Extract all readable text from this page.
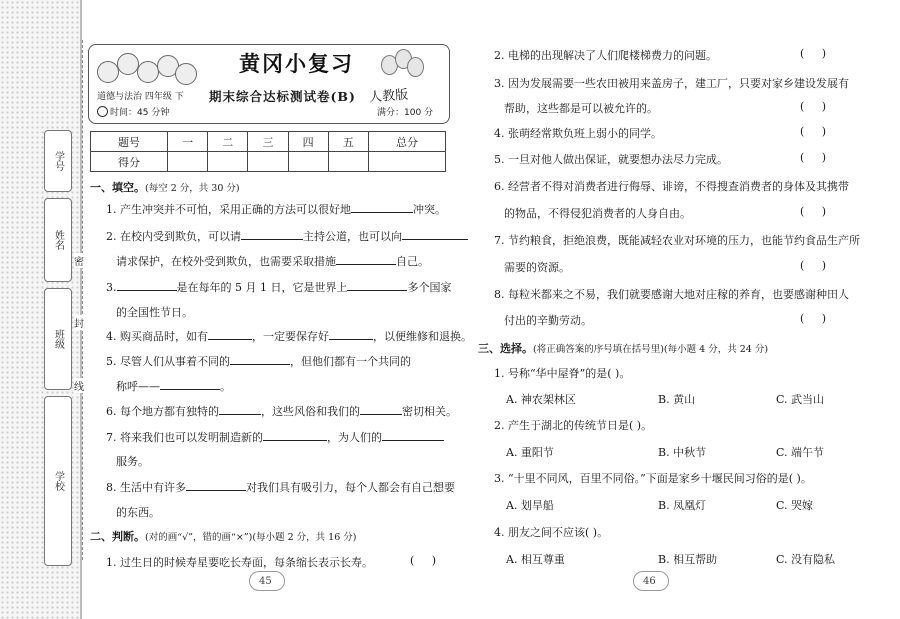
学号
姓名
班级
学校
密
封
线
黄冈小复习
人教版
道德与法治 四年级 下 期末综合达标测试卷(B)
时间：45 分钟	满分：100 分
题号	一	二	三	四	五	总分
得分						
一、填空。(每空 2 分，共 30 分)
1. 产生冲突并不可怕，采用正确的方法可以很好地	冲突。
2. 在校内受到欺负，可以请	主持公道，也可以向
请求保护，在校外受到欺负，也需要采取措施	自己。
3.	是在每年的 5 月 1 日，它是世界上	多个国家
的全国性节日。
4. 购买商品时，如有	，一定要保存好	，以便维修和退换。
5. 尽管人们从事着不同的	，但他们都有一个共同的
称呼——	。
6. 每个地方都有独特的	，这些风俗和我们的	密切相关。
7. 将来我们也可以发明制造新的	，为人们的
服务。
8. 生活中有许多	对我们具有吸引力，每个人都会有自己想要
的东西。
二、判断。(对的画“√”，错的画“×”)(每小题 2 分，共 16 分)
1. 过生日的时候寿星要吃长寿面，每条缩长表示长寿。	(     )
45
2. 电梯的出现解决了人们爬楼梯费力的问题。	(     )
3. 因为发展需要一些农田被用来盖房子，建工厂，只要对家乡建设发展有
帮助，这些都是可以被允许的。	(     )
4. 张萌经常欺负班上弱小的同学。	(     )
5. 一旦对他人做出保证，就要想办法尽力完成。	(     )
6. 经营者不得对消费者进行侮辱、诽谤，不得搜查消费者的身体及其携带
的物品，不得侵犯消费者的人身自由。	(     )
7. 节约粮食，拒绝浪费，既能减轻农业对环境的压力，也能节约食品生产所
需要的资源。	(     )
8. 每粒米都来之不易，我们就要感谢大地对庄稼的养育，也要感谢种田人
付出的辛勤劳动。	(     )
三、选择。(将正确答案的序号填在括号里)(每小题 4 分，共 24 分)
1. 号称“华中屋脊”的是( )。
A. 神农架林区	B. 黄山	C. 武当山
2. 产生于湖北的传统节日是( )。
A. 重阳节	B. 中秋节	C. 端午节
3. “十里不同风，百里不同俗。”下面是家乡十堰民间习俗的是( )。
A. 划旱船	B. 凤凰灯	C. 哭嫁
4. 朋友之间不应该( )。
A. 相互尊重	B. 相互帮助	C. 没有隐私
46
